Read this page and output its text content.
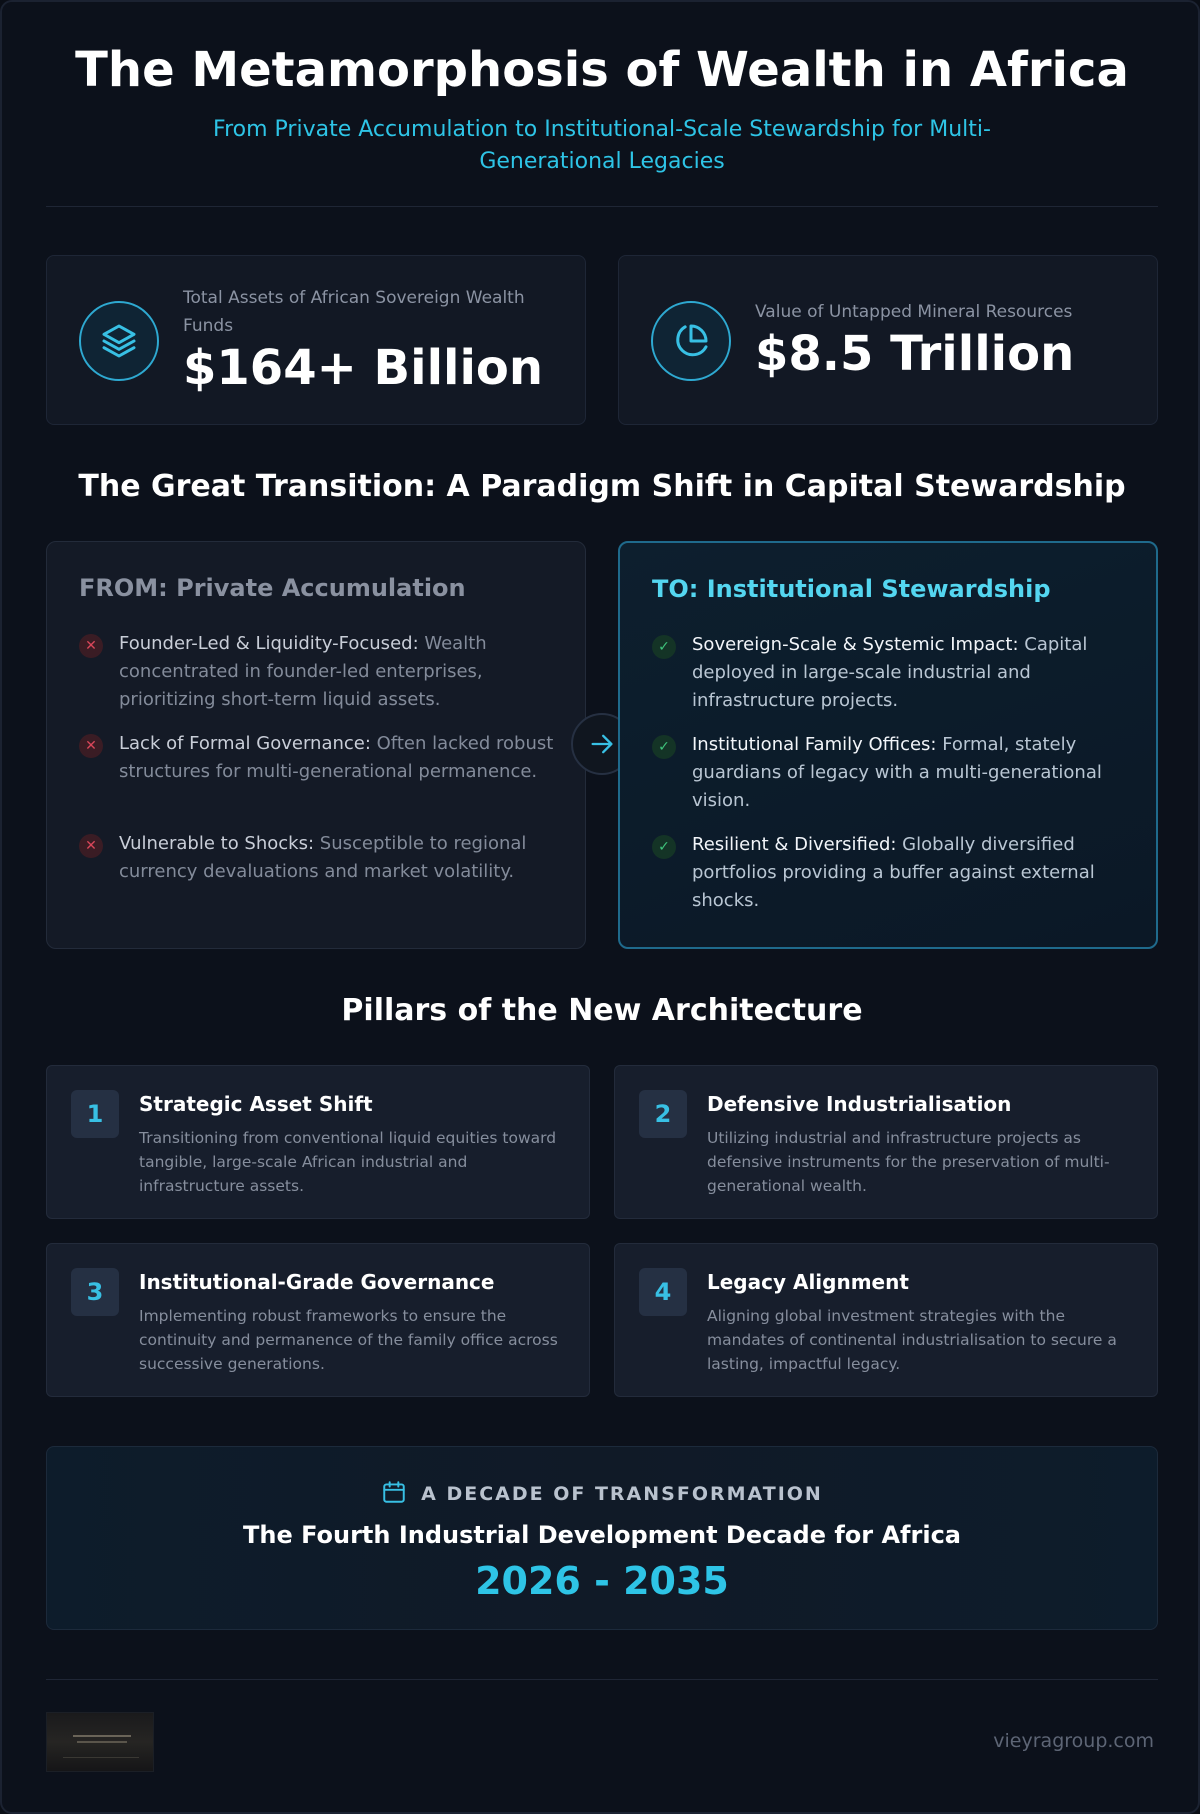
The Metamorphosis of Wealth in Africa

From Private Accumulation to Institutional-Scale Stewardship for Multi-Generational Legacies

Total Assets of African Sovereign Wealth Funds
$164+ Billion
Value of Untapped Mineral Resources
$8.5 Trillion
The Great Transition: A Paradigm Shift in Capital Stewardship
FROM: Private Accumulation
✕	Founder-Led & Liquidity-Focused: Wealth concentrated in founder-led enterprises, prioritizing short-term liquid assets.
✕	Lack of Formal Governance: Often lacked robust structures for multi-generational permanence.
✕	Vulnerable to Shocks: Susceptible to regional currency devaluations and market volatility.
TO: Institutional Stewardship
✓	Sovereign-Scale & Systemic Impact: Capital deployed in large-scale industrial and infrastructure projects.
✓	Institutional Family Offices: Formal, stately guardians of legacy with a multi-generational vision.
✓	Resilient & Diversified: Globally diversified portfolios providing a buffer against external shocks.
Pillars of the New Architecture
1	Strategic Asset Shift
Transitioning from conventional liquid equities toward tangible, large-scale African industrial and infrastructure assets.
2	Defensive Industrialisation
Utilizing industrial and infrastructure projects as defensive instruments for the preservation of multi-generational wealth.
3	Institutional-Grade Governance
Implementing robust frameworks to ensure the continuity and permanence of the family office across successive generations.
4	Legacy Alignment
Aligning global investment strategies with the mandates of continental industrialisation to secure a lasting, impactful legacy.
A DECADE OF TRANSFORMATION
The Fourth Industrial Development Decade for Africa
2026 - 2035
vieyragroup.com
